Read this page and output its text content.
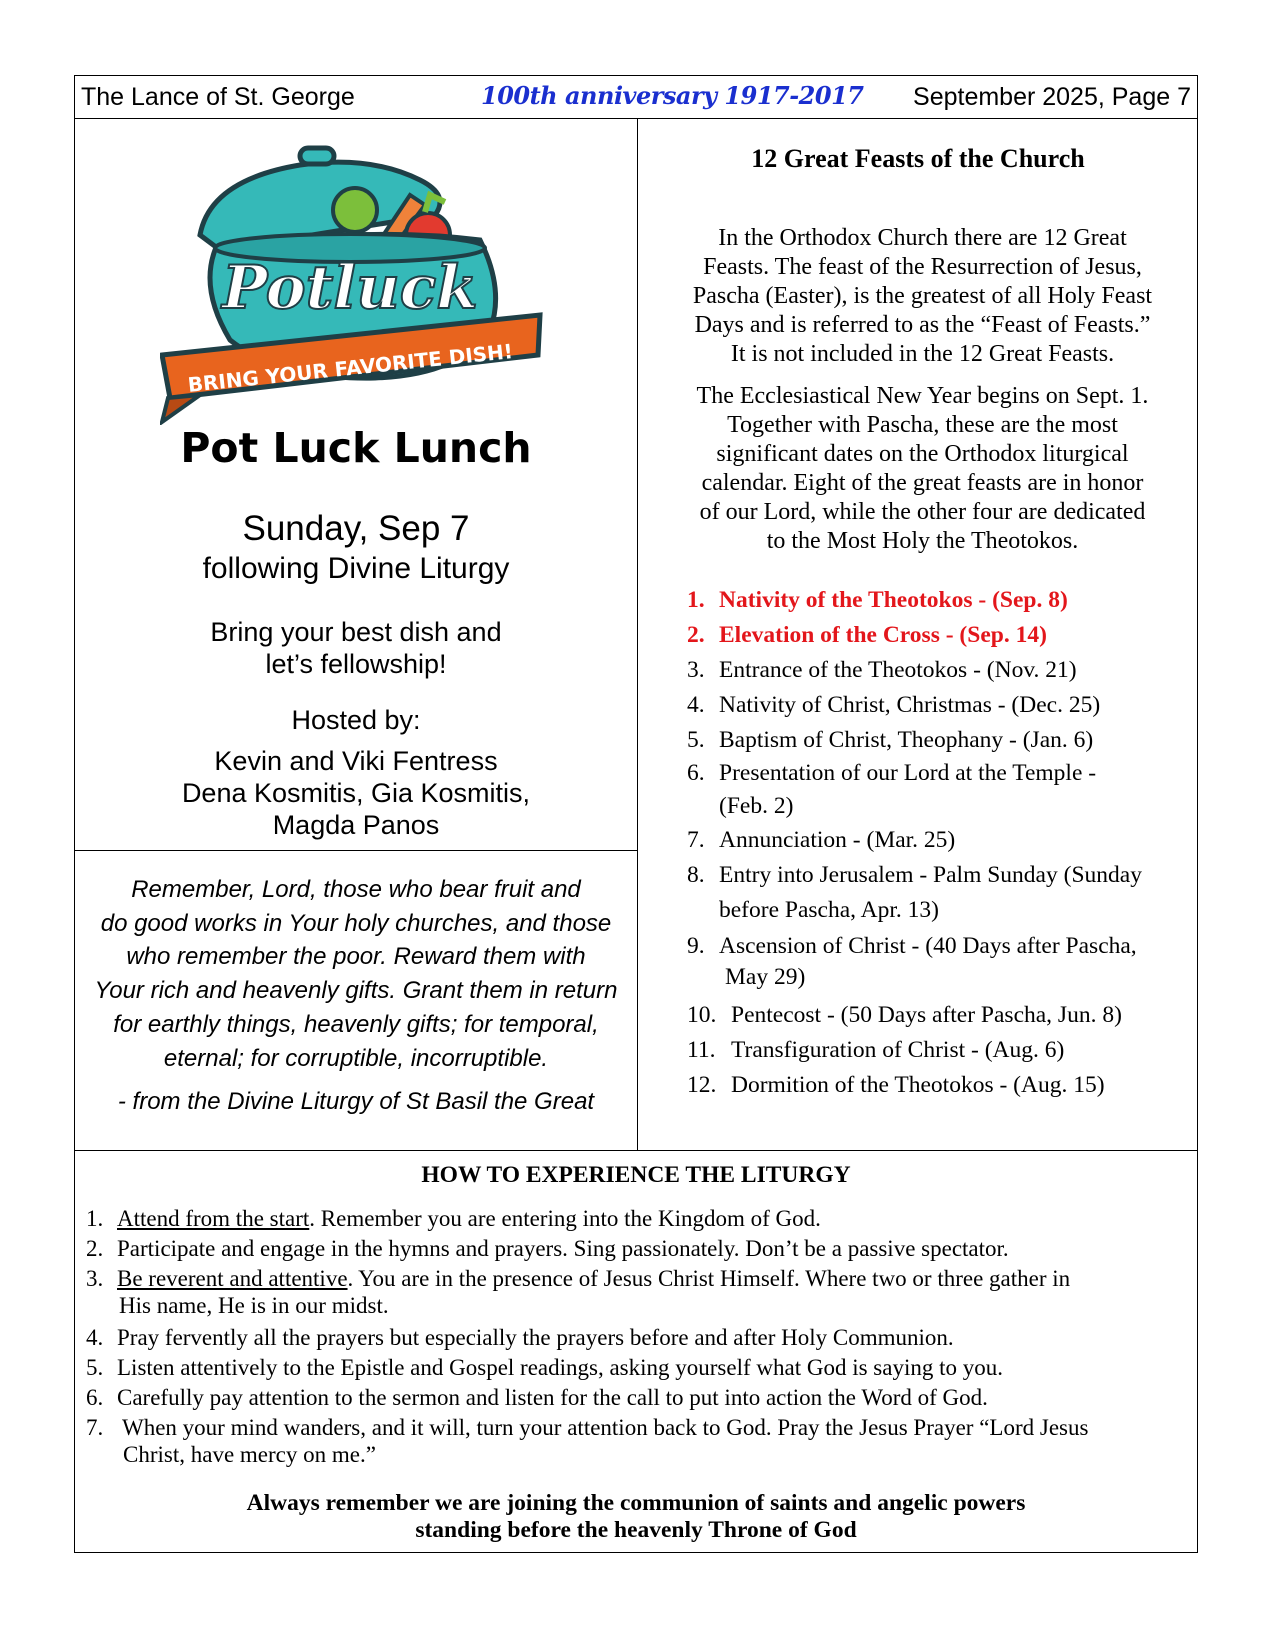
The Lance of St. George	100th anniversary 1917-2017 September 2025, Page 7
Potluck
BRING YOUR FAVORITE DISH!
Pot Luck Lunch
Sunday, Sep 7
following Divine Liturgy
Bring your best dish and
let’s fellowship!
Hosted by:
Kevin and Viki Fentress
Dena Kosmitis, Gia Kosmitis,
Magda Panos
Remember, Lord, those who bear fruit and
do good works in Your holy churches, and those
who remember the poor. Reward them with
Your rich and heavenly gifts. Grant them in return
for earthly things, heavenly gifts; for temporal,
eternal; for corruptible, incorruptible.
- from the Divine Liturgy of St Basil the Great
12 Great Feasts of the Church
In the Orthodox Church there are 12 Great
Feasts. The feast of the Resurrection of Jesus,
Pascha (Easter), is the greatest of all Holy Feast
Days and is referred to as the “Feast of Feasts.”
It is not included in the 12 Great Feasts.
The Ecclesiastical New Year begins on Sept. 1.
Together with Pascha, these are the most
significant dates on the Orthodox liturgical
calendar. Eight of the great feasts are in honor
of our Lord, while the other four are dedicated
to the Most Holy the Theotokos.
1. Nativity of the Theotokos - (Sep. 8)
2. Elevation of the Cross - (Sep. 14)
3. Entrance of the Theotokos - (Nov. 21)
4. Nativity of Christ, Christmas - (Dec. 25)
5. Baptism of Christ, Theophany - (Jan. 6)
6. Presentation of our Lord at the Temple -
(Feb. 2)
7. Annunciation - (Mar. 25)
8. Entry into Jerusalem - Palm Sunday (Sunday
before Pascha, Apr. 13)
9. Ascension of Christ - (40 Days after Pascha,
May 29)
10. Pentecost - (50 Days after Pascha, Jun. 8)
11. Transfiguration of Christ - (Aug. 6)
12. Dormition of the Theotokos - (Aug. 15)
HOW TO EXPERIENCE THE LITURGY
1. Attend from the start. Remember you are entering into the Kingdom of God.
2. Participate and engage in the hymns and prayers. Sing passionately. Don’t be a passive spectator.
3. Be reverent and attentive. You are in the presence of Jesus Christ Himself. Where two or three gather in
His name, He is in our midst.
4. Pray fervently all the prayers but especially the prayers before and after Holy Communion.
5. Listen attentively to the Epistle and Gospel readings, asking yourself what God is saying to you.
6. Carefully pay attention to the sermon and listen for the call to put into action the Word of God.
7. When your mind wanders, and it will, turn your attention back to God. Pray the Jesus Prayer “Lord Jesus
Christ, have mercy on me.”
Always remember we are joining the communion of saints and angelic powers
standing before the heavenly Throne of God
